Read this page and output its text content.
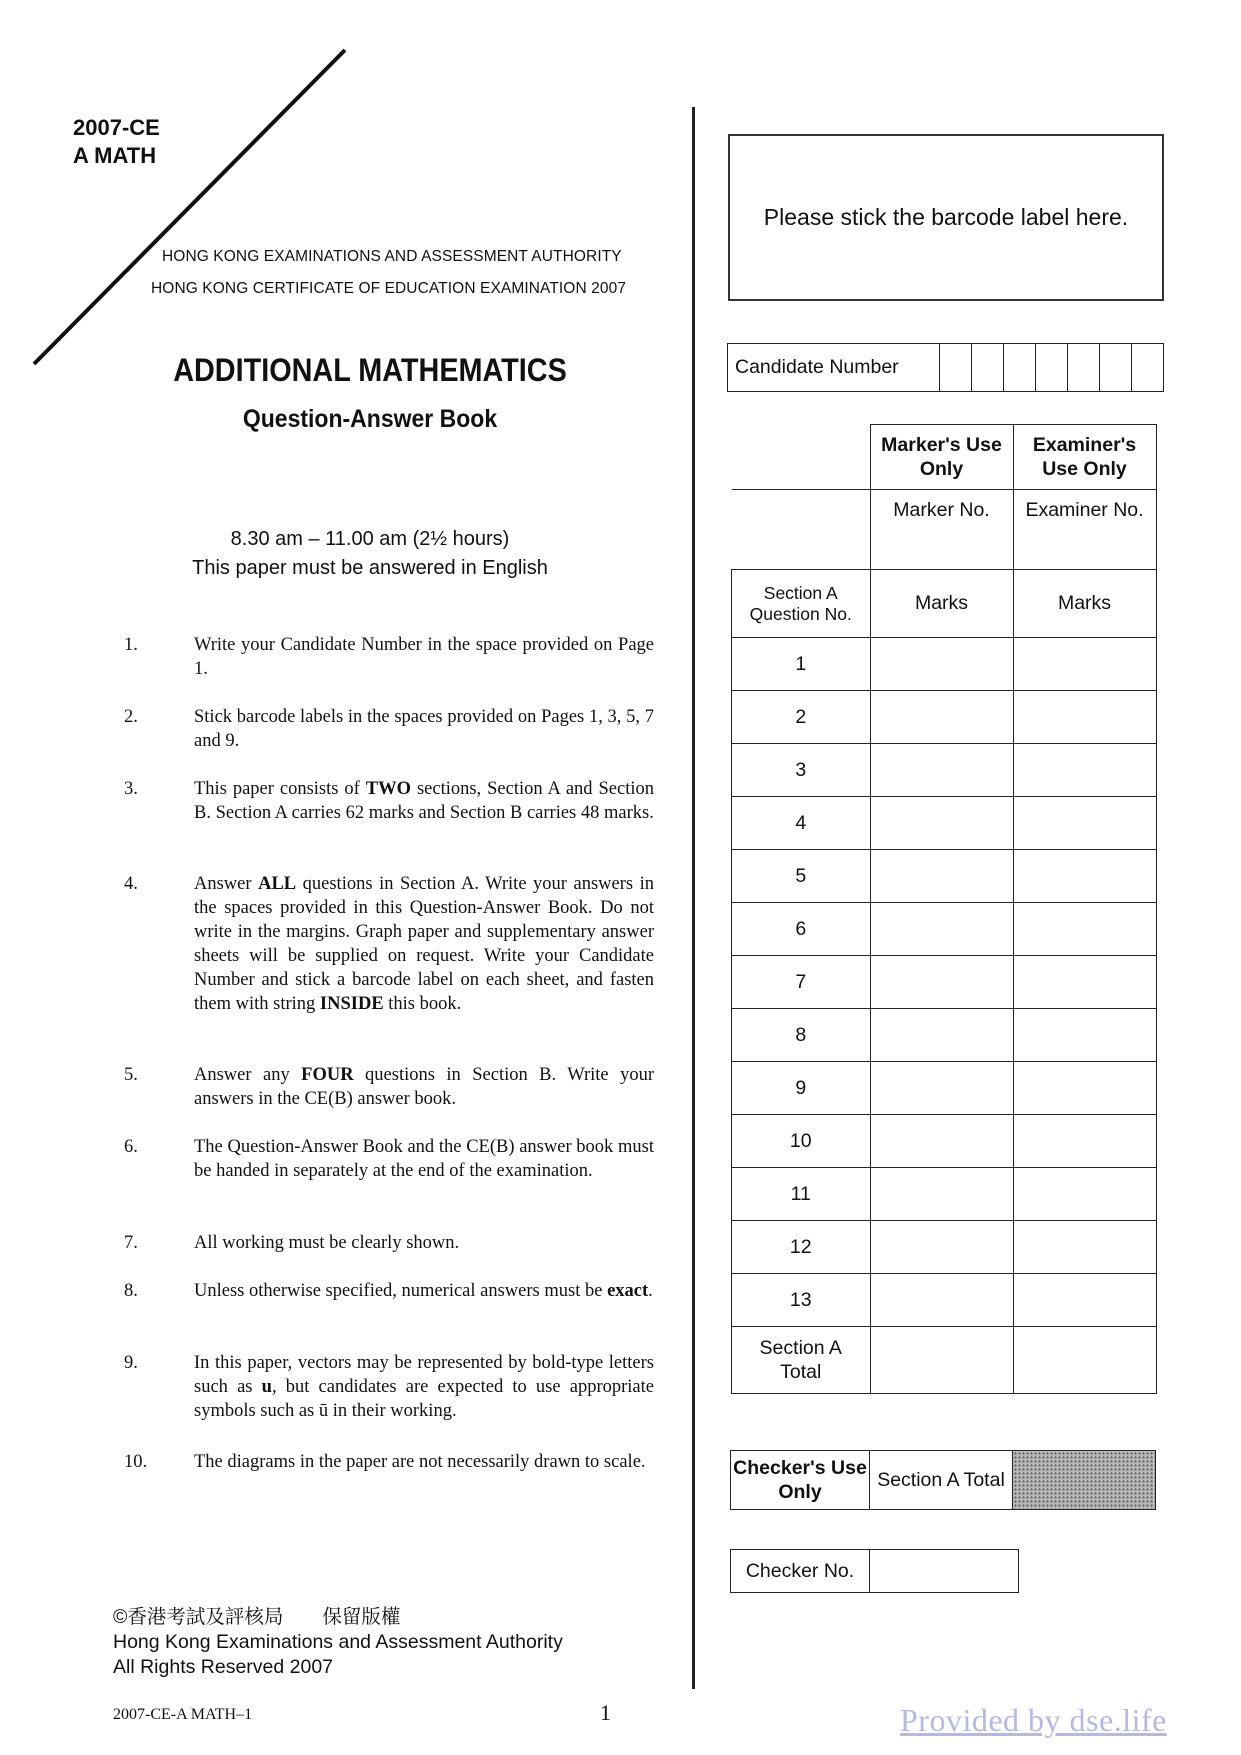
2007-CE
A MATH
HONG KONG EXAMINATIONS AND ASSESSMENT AUTHORITY
HONG KONG CERTIFICATE OF EDUCATION EXAMINATION 2007
ADDITIONAL MATHEMATICS
Question-Answer Book
8.30 am – 11.00 am (2½ hours)
This paper must be answered in English
1.	Write your Candidate Number in the space provided on Page 1.
2.	Stick barcode labels in the spaces provided on Pages 1, 3, 5, 7 and 9.
3.	This paper consists of TWO sections, Section A and Section B. Section A carries 62 marks and Section B carries 48 marks.
4.	Answer ALL questions in Section A. Write your answers in the spaces provided in this Question-Answer Book. Do not write in the margins. Graph paper and supplementary answer sheets will be supplied on request. Write your Candidate Number and stick a barcode label on each sheet, and fasten them with string INSIDE this book.
5.	Answer any FOUR questions in Section B. Write your answers in the CE(B) answer book.
6.	The Question-Answer Book and the CE(B) answer book must be handed in separately at the end of the examination.
7.	All working must be clearly shown.
8.	Unless otherwise specified, numerical answers must be exact.
9.	In this paper, vectors may be represented by bold-type letters such as u, but candidates are expected to use appropriate symbols such as ū in their working.
10.	The diagrams in the paper are not necessarily drawn to scale.
©香港考試及評核局　　保留版權
Hong Kong Examinations and Assessment Authority
All Rights Reserved 2007
2007-CE-A MATH–1	1	Provided by dse.life
Please stick the barcode label here.
Candidate Number							
	Marker's Use Only	Examiner's Use Only
	Marker No.	Examiner No.
Section A Question No.	Marks	Marks
1		
2		
3		
4		
5		
6		
7		
8		
9		
10		
11		
12		
13		
Section A Total		
Checker's Use Only	Section A Total	
Checker No.	
